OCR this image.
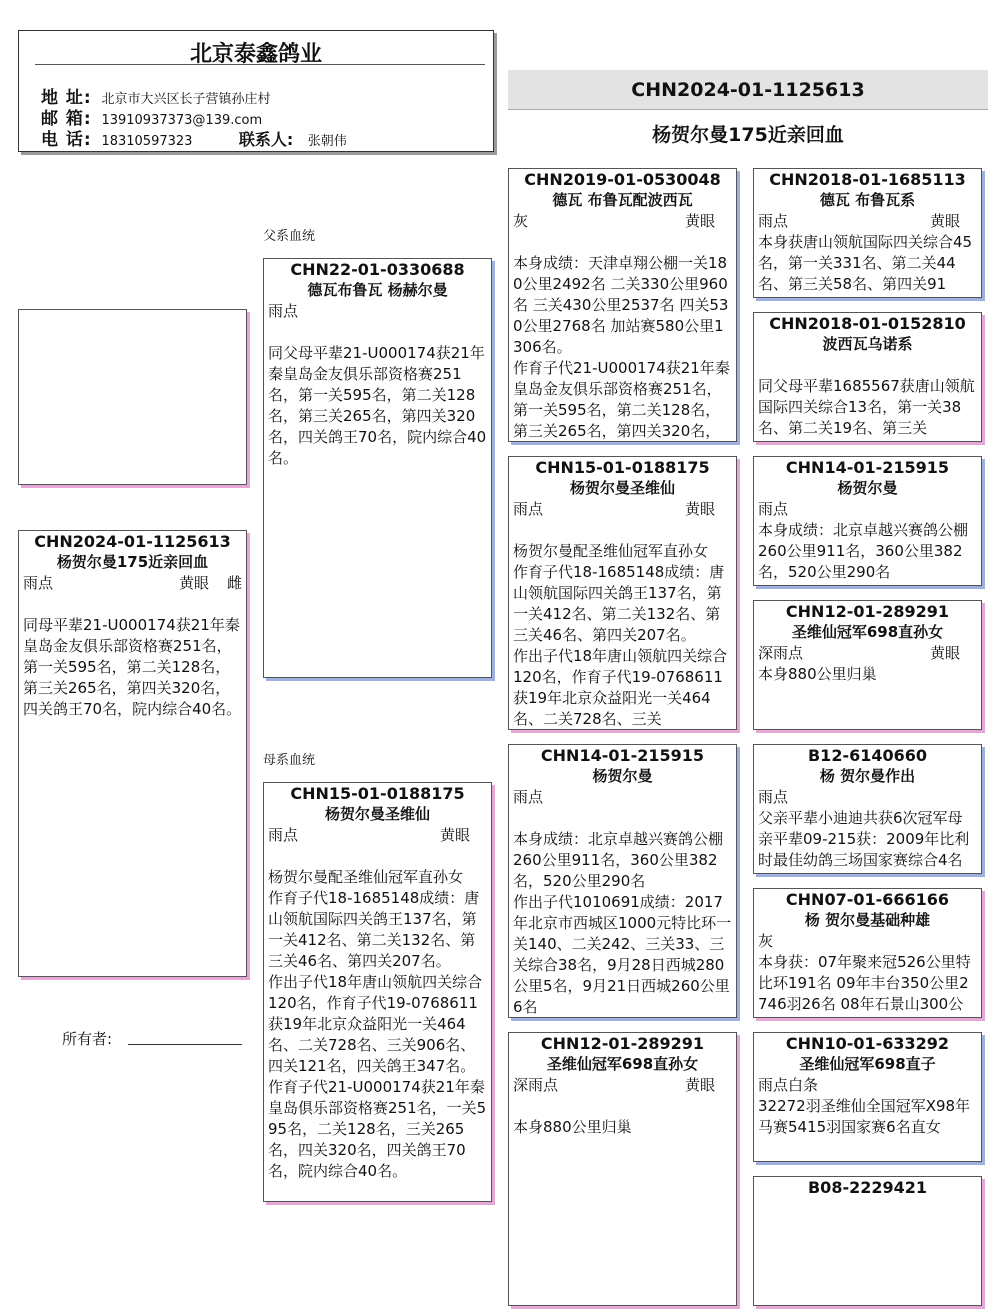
北京泰鑫鸽业
地 址: 北京市大兴区长子营镇孙庄村
邮 箱: 13910937373@139.com
电 话: 18310597323	联系人: 张朝伟
CHN2024-01-1125613
杨贺尔曼175近亲回血
父系血统
母系血统
所有者:
CHN2024-01-1125613
杨贺尔曼175近亲回血
雨点	黄眼 雌

同母平辈21-U000174获21年秦皇岛金友俱乐部资格赛251名，第一关595名，第二关128名，第三关265名，第四关320名，四关鸽王70名，院内综合40名。
CHN22-01-0330688
德瓦布鲁瓦 杨赫尔曼
雨点

同父母平辈21-U000174获21年秦皇岛金友俱乐部资格赛251名，第一关595名，第二关128名，第三关265名，第四关320名，四关鸽王70名，院内综合40名。
CHN15-01-0188175
杨贺尔曼圣维仙
雨点	黄眼

杨贺尔曼配圣维仙冠军直孙女
作育子代18-1685148成绩：唐山领航国际四关鸽王137名，第一关412名、第二关132名、第三关46名、第四关207名。
作出子代18年唐山领航四关综合120名，作育子代19-0768611获19年北京众益阳光一关464名、二关728名、三关906名、四关121名，四关鸽王347名。
作育子代21-U000174获21年秦皇岛俱乐部资格赛251名，一关595名，二关128名，三关265名，四关320名，四关鸽王70名，院内综合40名。
CHN2019-01-0530048
德瓦 布鲁瓦配波西瓦
灰	黄眼

本身成绩：天津卓翔公棚一关180公里2492名 二关330公里960名 三关430公里2537名 四关530公里2768名 加站赛580公里1306名。
作育子代21-U000174获21年秦皇岛金友俱乐部资格赛251名，第一关595名，第二关128名，第三关265名，第四关320名，
CHN15-01-0188175
杨贺尔曼圣维仙
雨点	黄眼

杨贺尔曼配圣维仙冠军直孙女
作育子代18-1685148成绩：唐山领航国际四关鸽王137名，第一关412名、第二关132名、第三关46名、第四关207名。
作出子代18年唐山领航四关综合120名，作育子代19-0768611获19年北京众益阳光一关464名、二关728名、三关
CHN14-01-215915
杨贺尔曼
雨点

本身成绩：北京卓越兴赛鸽公棚260公里911名，360公里382名，520公里290名
作出子代1010691成绩：2017年北京市西城区1000元特比环一关140、二关242、三关33、三关综合38名，9月28日西城280公里5名，9月21日西城260公里6名
CHN12-01-289291
圣维仙冠军698直孙女
深雨点	黄眼

本身880公里归巢
CHN2018-01-1685113
德瓦 布鲁瓦系
雨点	黄眼
本身获唐山领航国际四关综合45名，第一关331名、第二关44名、第三关58名、第四关91
CHN2018-01-0152810
波西瓦乌诺系
同父母平辈1685567获唐山领航国际四关综合13名，第一关38名、第二关19名、第三关
CHN14-01-215915
杨贺尔曼
雨点
本身成绩：北京卓越兴赛鸽公棚260公里911名，360公里382名，520公里290名
CHN12-01-289291
圣维仙冠军698直孙女
深雨点	黄眼
本身880公里归巢
B12-6140660
杨 贺尔曼作出
雨点
父亲平辈小迪迪共获6次冠军母亲平辈09-215获：2009年比利时最佳幼鸽三场国家赛综合4名
CHN07-01-666166
杨 贺尔曼基础种雄
灰
本身获：07年聚来冠526公里特比环191名 09年丰台350公里2746羽26名 08年石景山300公
CHN10-01-633292
圣维仙冠军698直子
雨点白条
32272羽圣维仙全国冠军X98年马赛5415羽国家赛6名直女
B08-2229421
